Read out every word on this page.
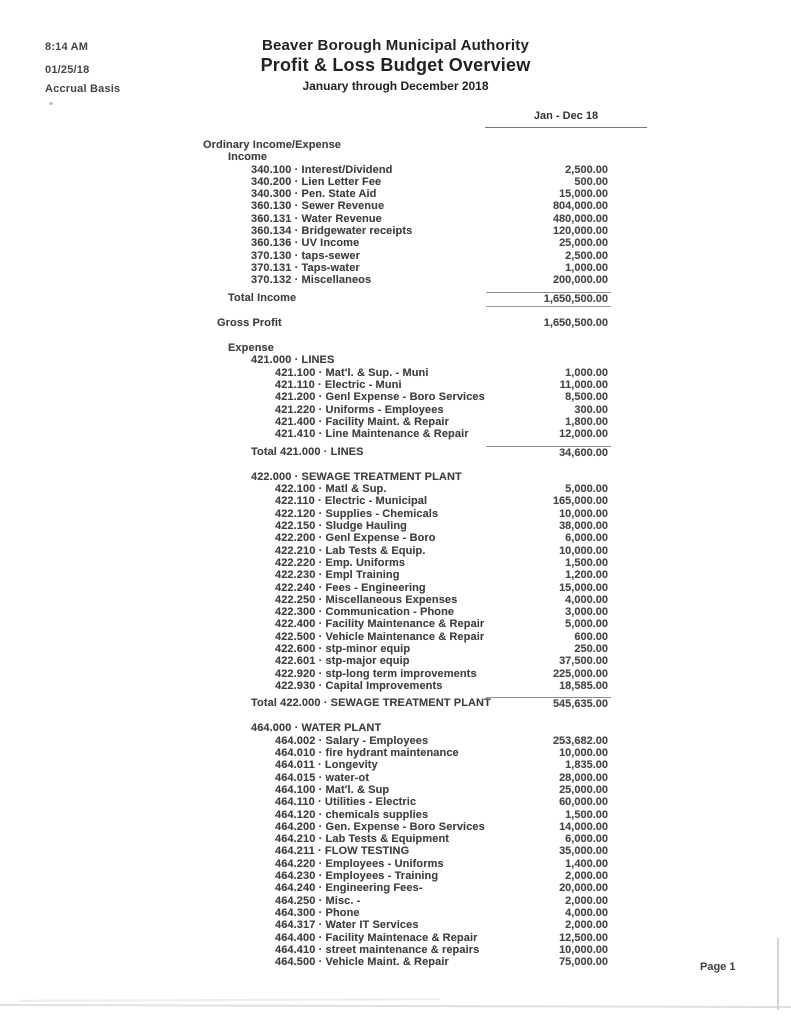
8:14 AM
01/25/18
Accrual Basis
Beaver Borough Municipal Authority
Profit & Loss Budget Overview
January through December 2018
Jan - Dec 18
Ordinary Income/Expense
Income
340.100 · Interest/Dividend	2,500.00
340.200 · Lien Letter Fee	500.00
340.300 · Pen. State Aid	15,000.00
360.130 · Sewer Revenue	804,000.00
360.131 · Water Revenue	480,000.00
360.134 · Bridgewater receipts	120,000.00
360.136 · UV Income	25,000.00
370.130 · taps-sewer	2,500.00
370.131 · Taps-water	1,000.00
370.132 · Miscellaneos	200,000.00
Total Income	1,650,500.00
Gross Profit	1,650,500.00
Expense
421.000 · LINES
421.100 · Mat'l. & Sup. - Muni	1,000.00
421.110 · Electric - Muni	11,000.00
421.200 · Genl Expense - Boro Services	8,500.00
421.220 · Uniforms - Employees	300.00
421.400 · Facility Maint. & Repair	1,800.00
421.410 · Line Maintenance & Repair	12,000.00
Total 421.000 · LINES	34,600.00
422.000 · SEWAGE TREATMENT PLANT
422.100 · Matl & Sup.	5,000.00
422.110 · Electric - Municipal	165,000.00
422.120 · Supplies - Chemicals	10,000.00
422.150 · Sludge Hauling	38,000.00
422.200 · Genl Expense - Boro	6,000.00
422.210 · Lab Tests & Equip.	10,000.00
422.220 · Emp. Uniforms	1,500.00
422.230 · Empl Training	1,200.00
422.240 · Fees - Engineering	15,000.00
422.250 · Miscellaneous Expenses	4,000.00
422.300 · Communication - Phone	3,000.00
422.400 · Facility Maintenance & Repair	5,000.00
422.500 · Vehicle Maintenance & Repair	600.00
422.600 · stp-minor equip	250.00
422.601 · stp-major equip	37,500.00
422.920 · stp-long term improvements	225,000.00
422.930 · Capital Improvements	18,585.00
Total 422.000 · SEWAGE TREATMENT PLANT	545,635.00
464.000 · WATER PLANT
464.002 · Salary - Employees	253,682.00
464.010 · fire hydrant maintenance	10,000.00
464.011 · Longevity	1,835.00
464.015 · water-ot	28,000.00
464.100 · Mat'l. & Sup	25,000.00
464.110 · Utilities - Electric	60,000.00
464.120 · chemicals supplies	1,500.00
464.200 · Gen. Expense - Boro Services	14,000.00
464.210 · Lab Tests & Equipment	6,000.00
464.211 · FLOW TESTING	35,000.00
464.220 · Employees - Uniforms	1,400.00
464.230 · Employees - Training	2,000.00
464.240 · Engineering Fees-	20,000.00
464.250 · Misc. -	2,000.00
464.300 · Phone	4,000.00
464.317 · Water IT Services	2,000.00
464.400 · Facility Maintenace & Repair	12,500.00
464.410 · street maintenance & repairs	10,000.00
464.500 · Vehicle Maint. & Repair	75,000.00	Page 1
